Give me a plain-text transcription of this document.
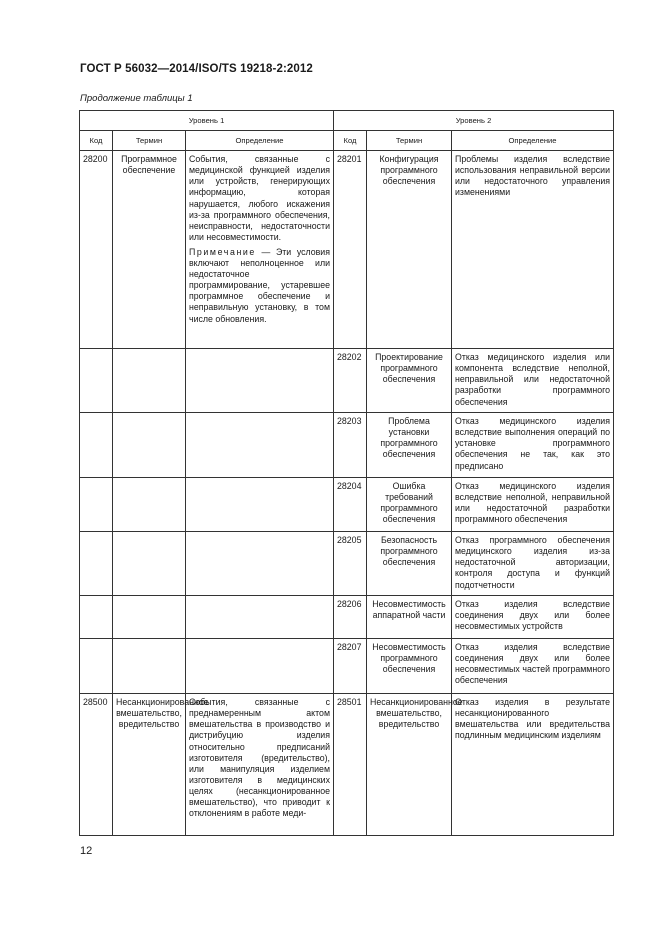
ГОСТ Р 56032—2014/ISO/TS 19218-2:2012
Продолжение таблицы 1
Уровень 1			Уровень 2		
Код	Термин	Определение	Код	Термин	Определение
28200	Программное обеспечение	События, связанные с медицинской функцией изделия или устройств, генерирующих информацию, которая нарушается, любого искажения из-за программного обеспечения, неисправности, недостаточности или несовместимости.
Примечание — Эти условия включают неполноценное или недостаточное программирование, устаревшее программное обеспечение и неправильную установку, в том числе обновления.	28201	Конфигурация программного обеспечения	Проблемы изделия вследствие использования неправильной версии или недостаточного управления изменениями
			28202	Проектирование программного обеспечения	Отказ медицинского изделия или компонента вследствие неполной, неправильной или недостаточной разработки программного обеспечения
			28203	Проблема установки программного обеспечения	Отказ медицинского изделия вследствие выполнения операций по установке программного обеспечения не так, как это предписано
			28204	Ошибка требований программного обеспечения	Отказ медицинского изделия вследствие неполной, неправильной или недостаточной разработки программного обеспечения
			28205	Безопасность программного обеспечения	Отказ программного обеспечения медицинского изделия из-за недостаточной авторизации, контроля доступа и функций подотчетности
			28206	Несовместимость аппаратной части	Отказ изделия вследствие соединения двух или более несовместимых устройств
			28207	Несовместимость программного обеспечения	Отказ изделия вследствие соединения двух или более несовместимых частей программного обеспечения
28500	Несанкционированное вмешательство, вредительство	События, связанные с преднамеренным актом вмешательства в производство и дистрибуцию изделия относительно предписаний изготовителя (вредительство), или манипуляция изделием изготовителя в медицинских целях (несанкционированное вмешательство), что приводит к отклонениям в работе меди-	28501	Несанкционированное вмешательство, вредительство	Отказ изделия в результате несанкционированного вмешательства или вредительства подлинным медицинским изделиям
12
